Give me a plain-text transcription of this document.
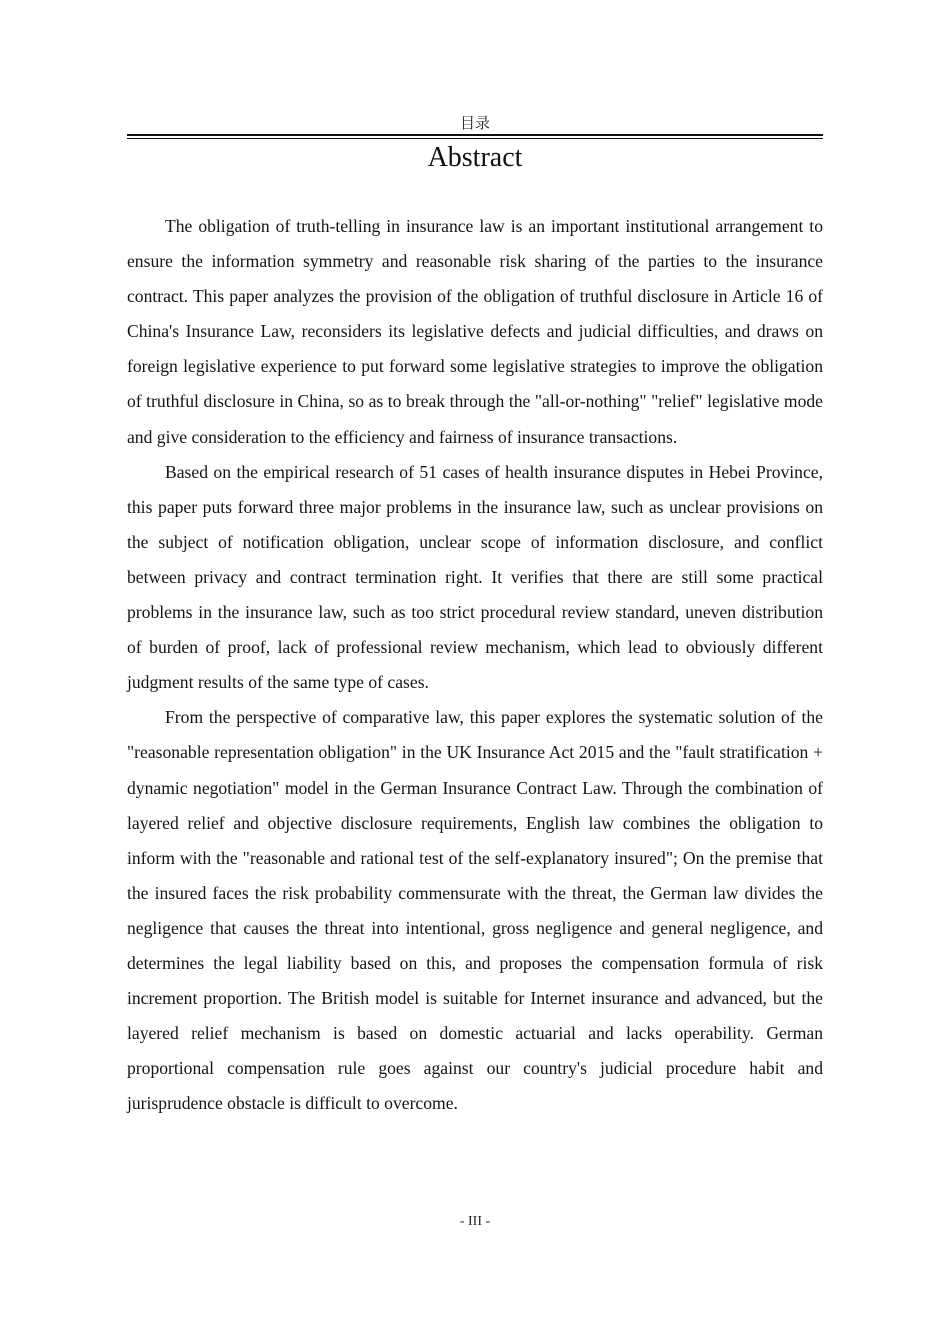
目录
Abstract

The obligation of truth-telling in insurance law is an important institutional arrangement to ensure the information symmetry and reasonable risk sharing of the parties to the insurance contract. This paper analyzes the provision of the obligation of truthful disclosure in Article 16 of China's Insurance Law, reconsiders its legislative defects and judicial difficulties, and draws on foreign legislative experience to put forward some legislative strategies to improve the obligation of truthful disclosure in China, so as to break through the "all-or-nothing" "relief" legislative mode and give consideration to the efficiency and fairness of insurance transactions.

Based on the empirical research of 51 cases of health insurance disputes in Hebei Province, this paper puts forward three major problems in the insurance law, such as unclear provisions on the subject of notification obligation, unclear scope of information disclosure, and conflict between privacy and contract termination right. It verifies that there are still some practical problems in the insurance law, such as too strict procedural review standard, uneven distribution of burden of proof, lack of professional review mechanism, which lead to obviously different judgment results of the same type of cases.

From the perspective of comparative law, this paper explores the systematic solution of the "reasonable representation obligation" in the UK Insurance Act 2015 and the "fault stratification + dynamic negotiation" model in the German Insurance Contract Law. Through the combination of layered relief and objective disclosure requirements, English law combines the obligation to inform with the "reasonable and rational test of the self-explanatory insured"; On the premise that the insured faces the risk probability commensurate with the threat, the German law divides the negligence that causes the threat into intentional, gross negligence and general negligence, and determines the legal liability based on this, and proposes the compensation formula of risk increment proportion. The British model is suitable for Internet insurance and advanced, but the layered relief mechanism is based on domestic actuarial and lacks operability. German proportional compensation rule goes against our country's judicial procedure habit and jurisprudence obstacle is difficult to overcome.

- III -
